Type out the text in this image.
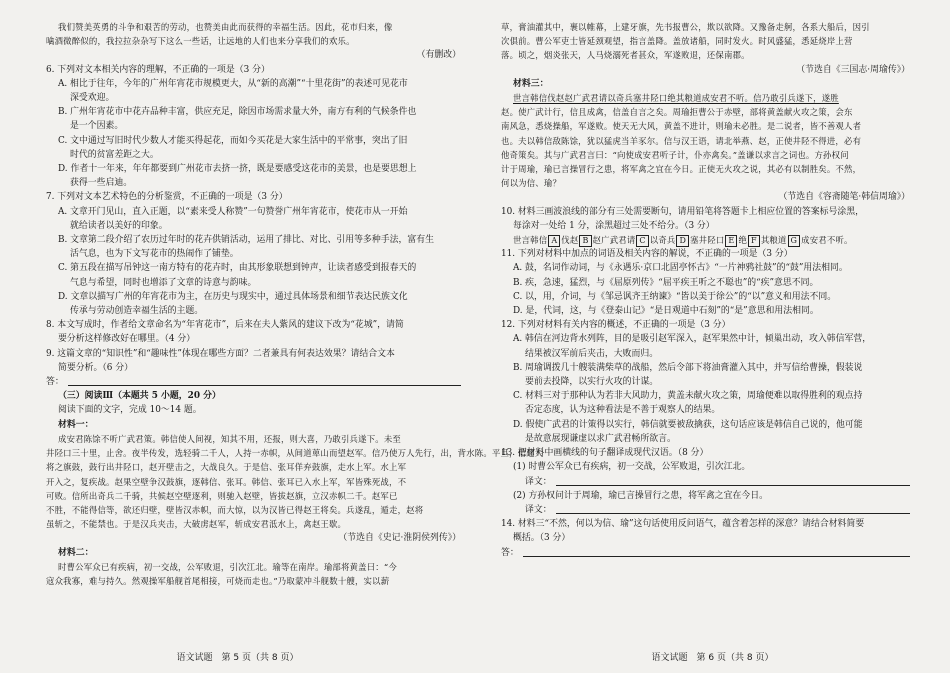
我们赞美英勇的斗争和艰苦的劳动，也赞美由此而获得的幸福生活。因此，花市归来，像
噙酒微醉似的，我拉拉杂杂写下这么一些话，让远地的人们也来分享我们的欢乐。
（有删改）
6. 下列对文本相关内容的理解，不正确的一项是（3 分）
A. 相比于往年，今年的广州年宵花市规模更大，从“新的高潮”“十里花街”的表述可见花市
深受欢迎。
B. 广州年宵花市中花卉品种丰富，供应充足，除因市场需求量大外，南方有利的气候条件也
是一个因素。
C. 文中通过写旧时代少数人才能买得起花，而如今买花是大家生活中的平常事，突出了旧
时代的贫富差距之大。
D. 作者十一年来，年年都要到广州花市去挤一挤，既是要感受这花市的美景，也是要思想上
获得一些启迪。
7. 下列对文本艺术特色的分析鉴赏，不正确的一项是（3 分）
A. 文章开门见山，直入正题，以“素来受人称赞”一句赞誉广州年宵花市，使花市从一开始
就给读者以美好的印象。
B. 文章第二段介绍了农历过年时的花卉供销活动，运用了排比、对比、引用等多种手法，富有生
活气息，也为下文写花市的热闹作了铺垫。
C. 第五段在描写吊钟这一南方特有的花卉时，由其形象联想到钟声，让读者感受到报春天的
气息与希望，同时也增添了文章的诗意与韵味。
D. 文章以描写广州的年宵花市为主，在历史与现实中，通过具体场景和细节表达民族文化
传承与劳动创造幸福生活的主题。
8. 本文写成时，作者给文章命名为“年宵花市”，后来在夫人紫风的建议下改为“花城”，请简
要分析这样修改好在哪里。（4 分）
9. 这篇文章的“知识性”和“趣味性”体现在哪些方面？二者兼具有何表达效果？请结合文本
简要分析。（6 分）
答：
（三）阅读Ⅲ（本题共 5 小题，20 分）
阅读下面的文字，完成 10～14 题。
材料一：
成安君陈馀不听广武君策。韩信使人间视，知其不用，还报，则大喜，乃敢引兵遂下。未至
井陉口三十里，止舍。夜半传发，选轻骑二千人，人持一赤帜，从间道萆山而望赵军。信乃使万人先行，出，背水陈。平旦，信建大
将之旗鼓，鼓行出井陉口，赵开壁击之，大战良久。于是信、张耳佯弃鼓旗，走水上军。水上军
开入之，复疾战。赵果空壁争汉鼓旗，逐韩信、张耳。韩信、张耳已入水上军，军皆殊死战，不
可败。信所出奇兵二千骑，共候赵空壁逐利，则驰入赵壁，皆拔赵旗，立汉赤帜二千。赵军已
不胜，不能得信等，欲还归壁，壁皆汉赤帜，而大惊，以为汉皆已得赵王将矣。兵遂乱，遁走，赵将
虽斩之，不能禁也。于是汉兵夹击，大破虏赵军，斩成安君泜水上，禽赵王歇。
（节选自《史记·淮阴侯列传》）
材料二：
时曹公军众已有疾病，初一交战，公军败退，引次江北。瑜等在南岸。瑜部将黄盖曰：“今
寇众我寡，难与持久。然观操军船舰首尾相接，可烧而走也。”乃取蒙冲斗舰数十艘，实以薪
语文试题　第 5 页（共 8 页）
草，膏油灌其中，裹以帷幕，上建牙旗，先书报曹公，欺以欲降。又豫备走舸，各系大船后，因引
次俱前。曹公军吏士皆延颈观望，指言盖降。盖放诸船，同时发火。时风盛猛，悉延烧岸上营
落。顷之，烟炎张天，人马烧溺死者甚众，军遂败退，还保南郡。
（节选自《三国志·周瑜传》）
材料三：
世言韩信伐赵赵广武君请以奇兵塞井陉口绝其粮道成安君不听。信乃敢引兵遂下，遂胜
赵。使广武计行，信且成禽，信盖自言之矣。周瑜拒曹公于赤壁，部将黄盖献火攻之策，会东
南风急，悉烧操船，军遂败。使天无大风，黄盖不进计，则瑜未必胜。是二说者，皆不善观人者
也。夫以韩信敌陈馀，犹以猛虎当羊豕尔。信与汉王语，请北举燕、赵，正使井陉不得进，必有
他奇策矣。其与广武君言曰：“向使成安君听子计，仆亦禽矣。”盖谦以求言之词也。方孙权问
计于周瑜，瑜已言操冒行之患，将军禽之宜在今日。正使无火攻之说，其必有以制胜矣。不然，
何以为信、瑜？
（节选自《容斋随笔·韩信周瑜》）
10. 材料三画波浪线的部分有三处需要断句，请用铅笔将答题卡上相应位置的答案标号涂黑，
每涂对一处给 1 分，涂黑超过三处不给分。（3 分）
世言韩信 A 伐赵 B 赵广武君请 C 以奇兵 D 塞井陉口 E 绝 F 其粮道 G 成安君不听。
11. 下列对材料中加点的词语及相关内容的解说，不正确的一项是（3 分）
A. 鼓，名词作动词，与《永遇乐·京口北固亭怀古》“一片神鸦社鼓”的“鼓”用法相同。
B. 疾，急速，猛烈，与《屈原列传》“屈平疾王听之不聪也”的“疾”意思不同。
C. 以，用，介词，与《邹忌讽齐王纳谏》“皆以美于徐公”的“以”意义和用法不同。
D. 是，代词，这，与《登泰山记》“是日观道中石刻”的“是”意思和用法相同。
12. 下列对材料有关内容的概述，不正确的一项是（3 分）
A. 韩信在河边背水列阵，目的是吸引赵军深入，赵军果然中计，倾巢出动，攻入韩信军营，
结果被汉军前后夹击，大败而归。
B. 周瑜调拨几十艘装满柴草的战船，然后令部下将油膏灌入其中，并写信给曹操，假装说
要前去投降，以实行火攻的计谋。
C. 材料三对于那种认为若非大风助力，黄盖未献火攻之策，周瑜便难以取得胜利的观点持
否定态度，认为这种看法是不善于观察人的结果。
D. 假使广武君的计策得以实行，韩信就要被敌擒获，这句话应该是韩信自己说的，他可能
是故意展现谦虚以求广武君畅所欲言。
13. 把材料中画横线的句子翻译成现代汉语。（8 分）
(1) 时曹公军众已有疾病，初一交战，公军败退，引次江北。
译文：
(2) 方孙权问计于周瑜，瑜已言操冒行之患，将军禽之宜在今日。
译文：
14. 材料三“不然，何以为信、瑜”这句话使用反问语气，蕴含着怎样的深意？请结合材料简要
概括。（3 分）
答：
语文试题　第 6 页（共 8 页）
